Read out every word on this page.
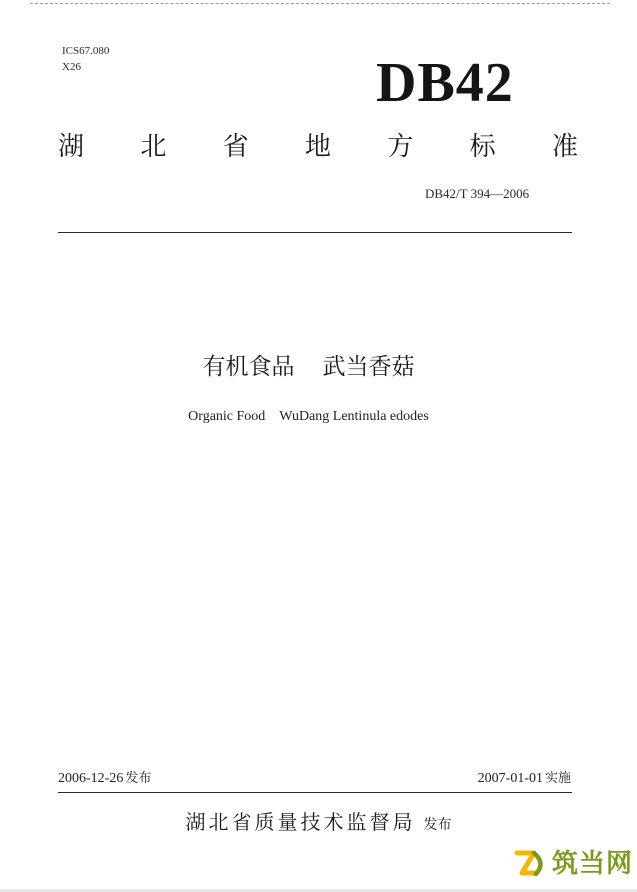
ICS67.080
X26	DB42
湖 北 省 地 方 标 准
DB42/T 394—2006
有机食品 武当香菇
Organic Food WuDang Lentinula edodes
2006-12-26 发布	2007-01-01 实施
湖北省质量技术监督局 发布
筑当网
